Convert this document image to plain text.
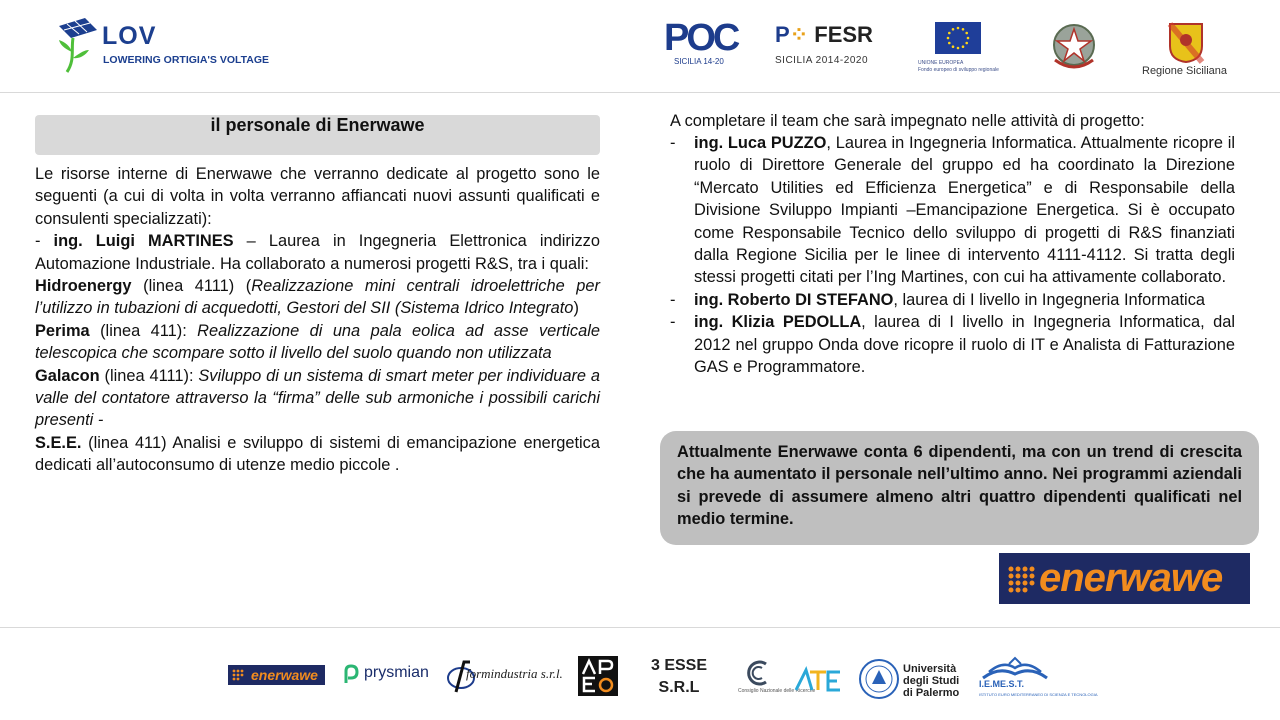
LOV
LOWERING ORTIGIA'S VOLTAGE
POC
SICILIA 14-20
P⁘ FESR
SICILIA 2014-2020	UNIONE EUROPEA
Fondo europeo di sviluppo regionale	Regione Siciliana
il personale di Enerwawe

Le risorse interne di Enerwawe che verranno dedicate al progetto sono le seguenti (a cui di volta in volta verranno affiancati nuovi assunti qualificati e consulenti specializzati):

- ing. Luigi MARTINES – Laurea in Ingegneria Elettronica indirizzo Automazione Industriale. Ha collaborato a numerosi progetti R&S, tra i quali:

Hidroenergy (linea 4111) (Realizzazione mini centrali idroelettriche per l’utilizzo in tubazioni di acquedotti, Gestori del SII (Sistema Idrico Integrato)

Perima (linea 411): Realizzazione di una pala eolica ad asse verticale telescopica che scompare sotto il livello del suolo quando non utilizzata

Galacon (linea 4111): Sviluppo di un sistema di smart meter per individuare a valle del contatore attraverso la “firma” delle sub armoniche i possibili carichi presenti -

S.E.E. (linea 411) Analisi e sviluppo di sistemi di emancipazione energetica dedicati all’autoconsumo di utenze medio piccole .

A completare il team che sarà impegnato nelle attività di progetto:
- ing. Luca PUZZO, Laurea in Ingegneria Informatica. Attualmente ricopre il ruolo di Direttore Generale del gruppo ed ha coordinato la Direzione “Mercato Utilities ed Efficienza Energetica” e di Responsabile della Divisione Sviluppo Impianti –Emancipazione Energetica. Si è occupato come Responsabile Tecnico dello sviluppo di progetti di R&S finanziati dalla Regione Sicilia per le linee di intervento 4111-4112. Si tratta degli stessi progetti citati per l’Ing Martines, con cui ha attivamente collaborato.
- ing. Roberto DI STEFANO, laurea di I livello in Ingegneria Informatica
- ing. Klizia PEDOLLA, laurea di I livello in Ingegneria Informatica, dal 2012 nel gruppo Onda dove ricopre il ruolo di IT e Analista di Fatturazione GAS e Programmatore.
Attualmente Enerwawe conta 6 dipendenti, ma con un trend di crescita che ha aumentato il personale nell’ultimo anno. Nei programmi aziendali si prevede di assumere almeno altri quattro dipendenti qualificati nel medio termine.
enerwawe
enerwawe	prysmian	formindustria s.r.l.	3 ESSE
S.R.L	Consiglio Nazionale delle Ricerche
Università degli Studi di Palermo
I.E.ME.S.T.
ISTITUTO EURO MEDITERRANEO DI SCIENZA E TECNOLOGIA
